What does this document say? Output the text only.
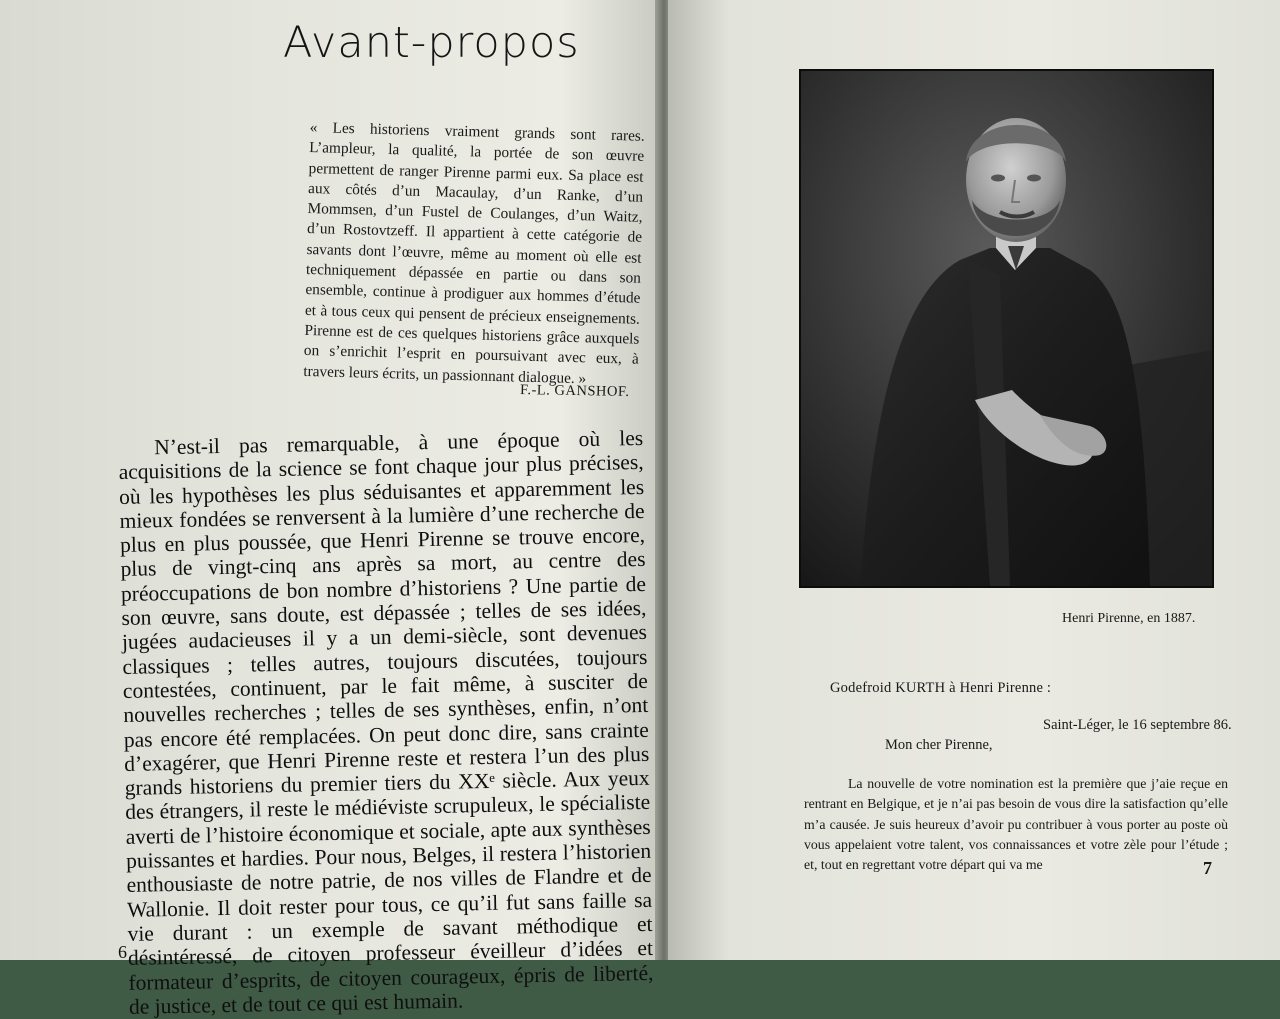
Avant-propos
« Les historiens vraiment grands sont rares. L’ampleur, la qualité, la portée de son œuvre permettent de ranger Pirenne parmi eux. Sa place est aux côtés d’un Macaulay, d’un Ranke, d’un Mommsen, d’un Fustel de Coulanges, d’un Waitz, d’un Rostovtzeff. Il appartient à cette catégorie de savants dont l’œuvre, même au moment où elle est techniquement dépassée en partie ou dans son ensemble, continue à prodiguer aux hommes d’étude et à tous ceux qui pensent de précieux enseignements. Pirenne est de ces quelques historiens grâce auxquels on s’enrichit l’esprit en poursuivant avec eux, à travers leurs écrits, un passionnant dialogue. »
F.-L. GANSHOF.

N’est-il pas remarquable, à une époque où les acquisitions de la science se font chaque jour plus précises, où les hypothèses les plus séduisantes et apparemment les mieux fondées se renversent à la lumière d’une recherche de plus en plus poussée, que Henri Pirenne se trouve encore, plus de vingt-cinq ans après sa mort, au centre des préoccupations de bon nombre d’historiens ? Une partie de son œuvre, sans doute, est dépassée ; telles de ses idées, jugées audacieuses il y a un demi-siècle, sont devenues classiques ; telles autres, toujours discutées, toujours contestées, continuent, par le fait même, à susciter de nouvelles recherches ; telles de ses synthèses, enfin, n’ont pas encore été remplacées. On peut donc dire, sans crainte d’exagérer, que Henri Pirenne reste et restera l’un des plus grands historiens du premier tiers du XXᵉ siècle. Aux yeux des étrangers, il reste le médiéviste scrupuleux, le spécialiste averti de l’histoire économique et sociale, apte aux synthèses puissantes et hardies. Pour nous, Belges, il restera l’historien enthousiaste de notre patrie, de nos villes de Flandre et de Wallonie. Il doit rester pour tous, ce qu’il fut sans faille sa vie durant : un exemple de savant méthodique et désintéressé, de citoyen professeur éveilleur d’idées et formateur d’esprits, de citoyen courageux, épris de liberté, de justice, et de tout ce qui est humain.

6
Henri Pirenne, en 1887.
Godefroid KURTH à Henri Pirenne :
Saint-Léger, le 16 septembre 86.
Mon cher Pirenne,

La nouvelle de votre nomination est la première que j’aie reçue en rentrant en Belgique, et je n’ai pas besoin de vous dire la satisfaction qu’elle m’a causée. Je suis heureux d’avoir pu contribuer à vous porter au poste où vous appelaient votre talent, vos connaissances et votre zèle pour l’étude ; et, tout en regrettant votre départ qui va me	7
